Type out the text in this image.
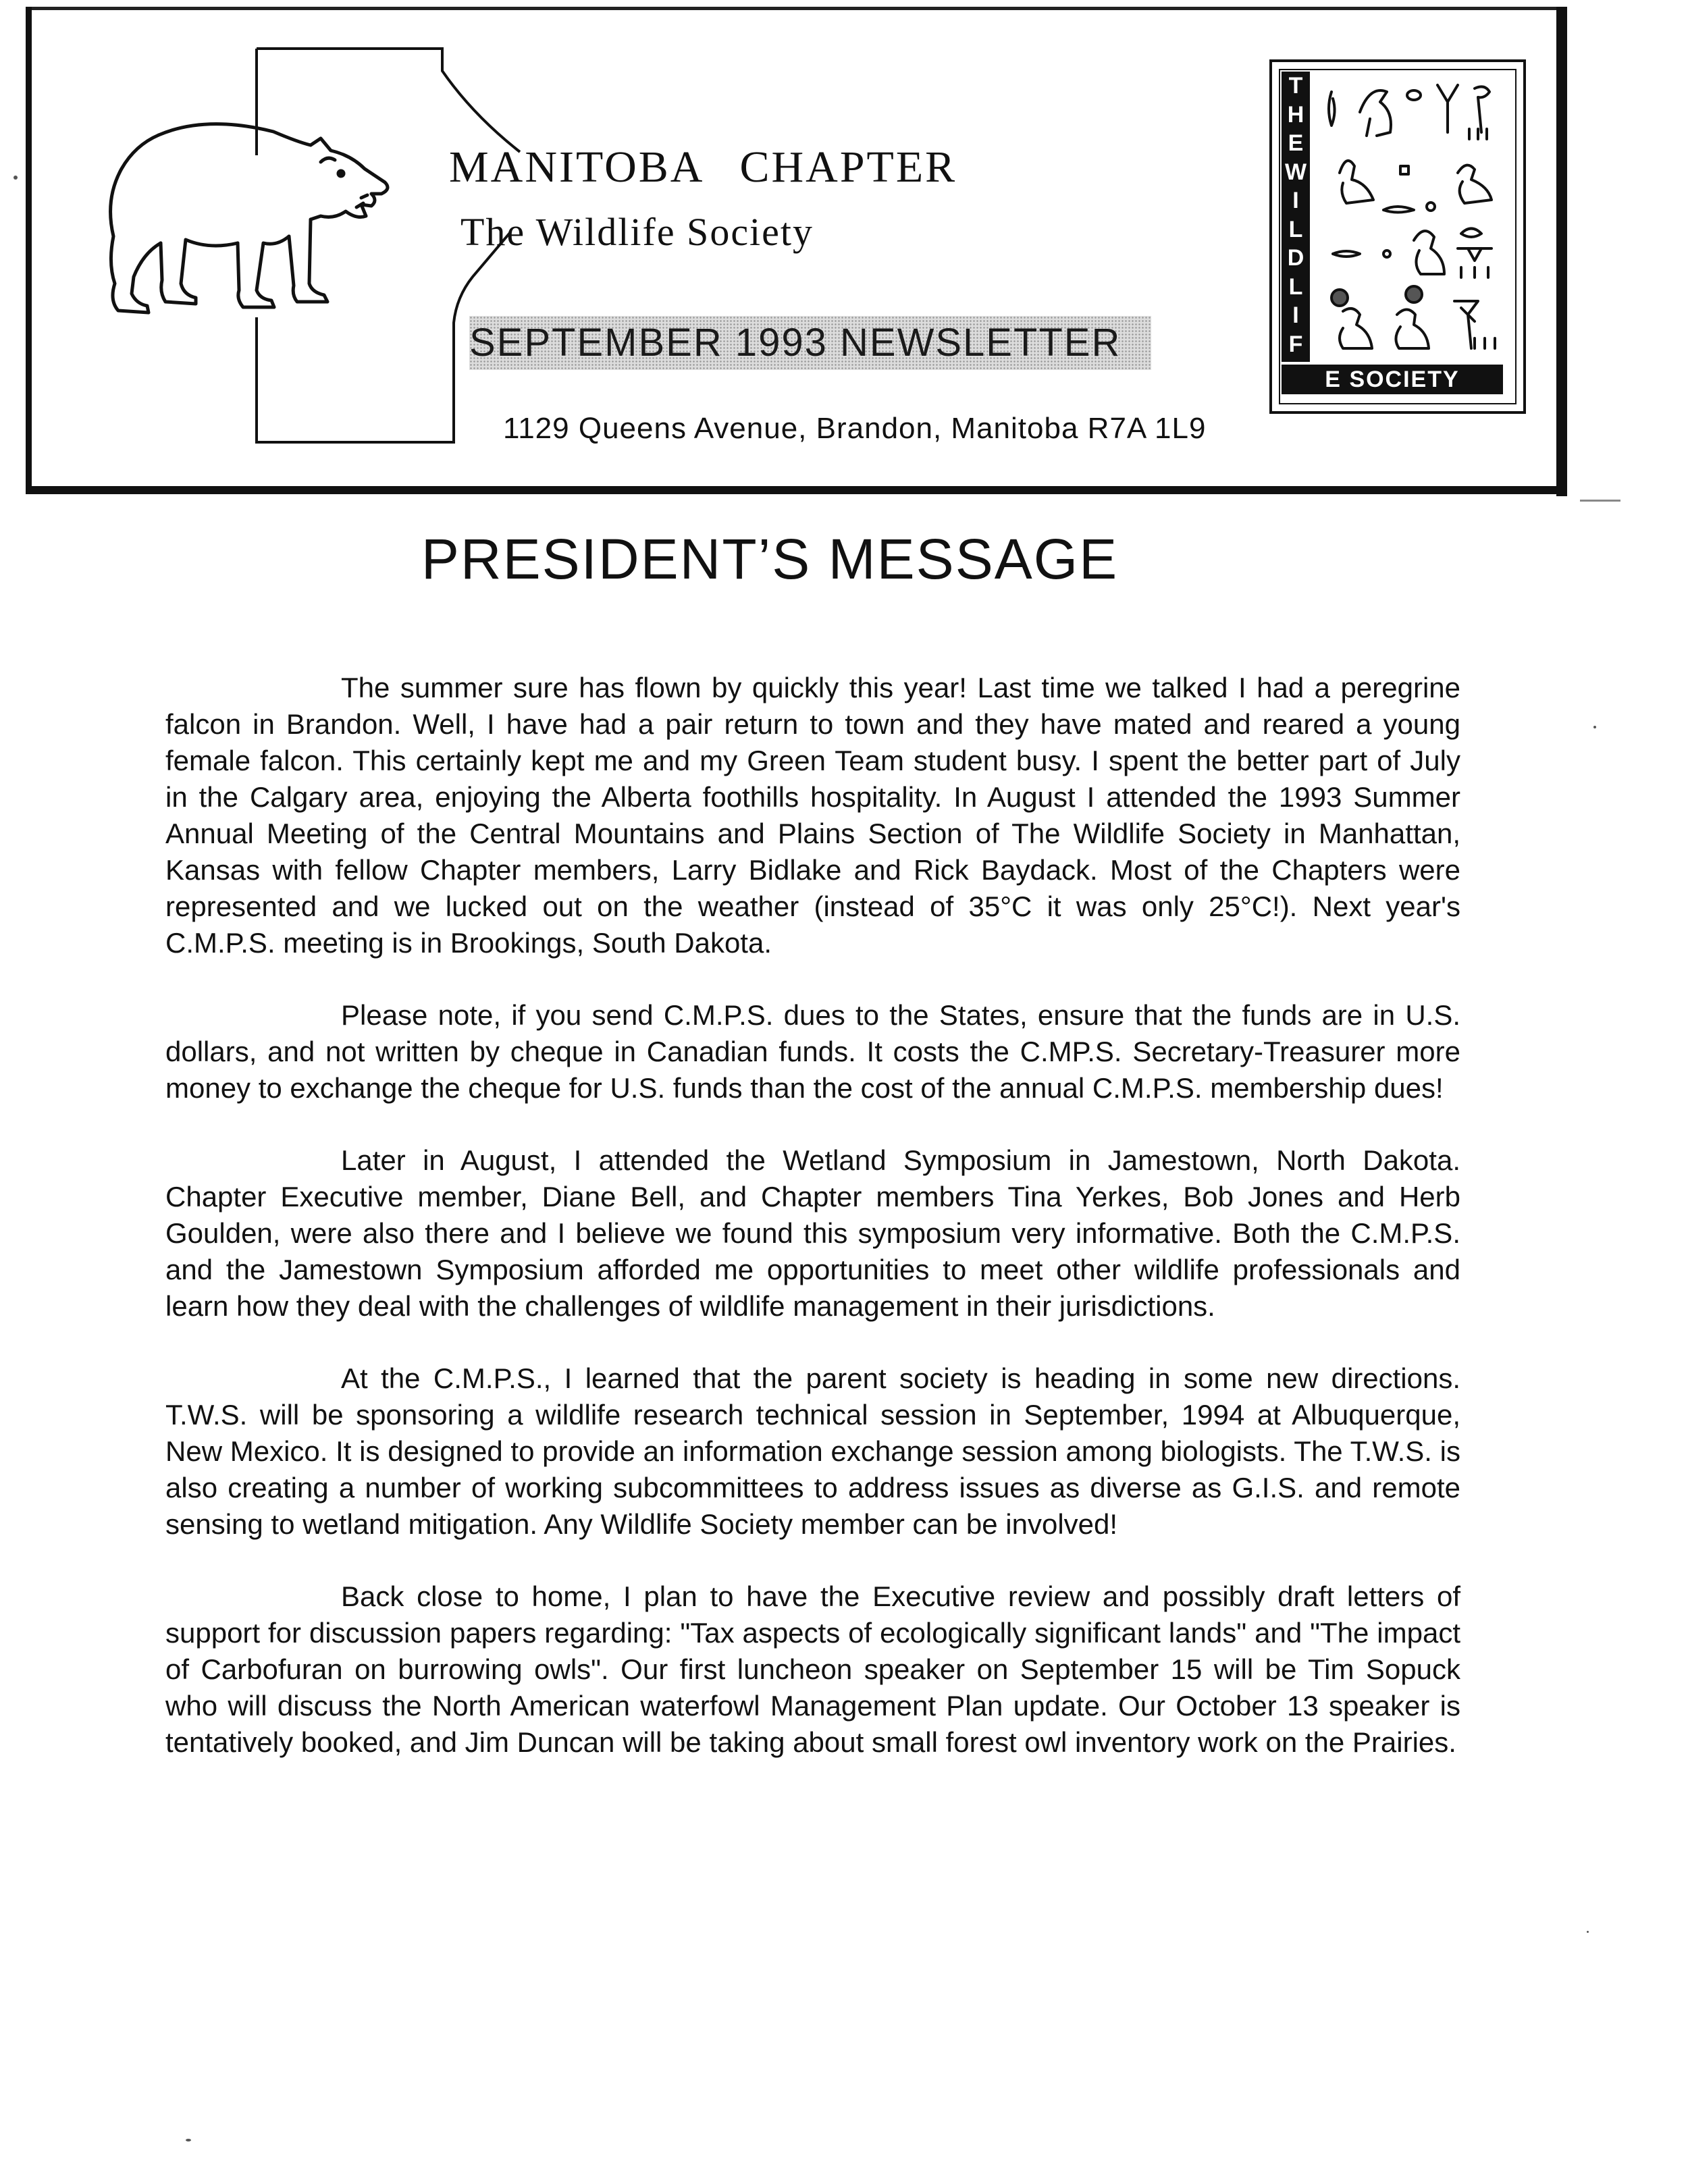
MANITOBA CHAPTER
The Wildlife Society
SEPTEMBER 1993 NEWSLETTER
1129 Queens Avenue, Brandon, Manitoba R7A 1L9
T
H
E
W
I
L
D
L
I
F
E SOCIETY
PRESIDENT’S MESSAGE

The summer sure has flown by quickly this year! Last time we talked I had a peregrine falcon in Brandon. Well, I have had a pair return to town and they have mated and reared a young female falcon. This certainly kept me and my Green Team student busy. I spent the better part of July in the Calgary area, enjoying the Alberta foothills hospitality. In August I attended the 1993 Summer Annual Meeting of the Central Mountains and Plains Section of The Wildlife Society in Manhattan, Kansas with fellow Chapter members, Larry Bidlake and Rick Baydack. Most of the Chapters were represented and we lucked out on the weather (instead of 35°C it was only 25°C!). Next year's C.M.P.S. meeting is in Brookings, South Dakota.

Please note, if you send C.M.P.S. dues to the States, ensure that the funds are in U.S. dollars, and not written by cheque in Canadian funds. It costs the C.MP.S. Secretary-Treasurer more money to exchange the cheque for U.S. funds than the cost of the annual C.M.P.S. membership dues!

Later in August, I attended the Wetland Symposium in Jamestown, North Dakota. Chapter Executive member, Diane Bell, and Chapter members Tina Yerkes, Bob Jones and Herb Goulden, were also there and I believe we found this symposium very informative. Both the C.M.P.S. and the Jamestown Symposium afforded me opportunities to meet other wildlife professionals and learn how they deal with the challenges of wildlife management in their jurisdictions.

At the C.M.P.S., I learned that the parent society is heading in some new directions. T.W.S. will be sponsoring a wildlife research technical session in September, 1994 at Albuquerque, New Mexico. It is designed to provide an information exchange session among biologists. The T.W.S. is also creating a number of working subcommittees to address issues as diverse as G.I.S. and remote sensing to wetland mitigation. Any Wildlife Society member can be involved!

Back close to home, I plan to have the Executive review and possibly draft letters of support for discussion papers regarding: "Tax aspects of ecologically significant lands" and "The impact of Carbofuran on burrowing owls". Our first luncheon speaker on September 15 will be Tim Sopuck who will discuss the North American waterfowl Management Plan update. Our October 13 speaker is tentatively booked, and Jim Duncan will be taking about small forest owl inventory work on the Prairies.
